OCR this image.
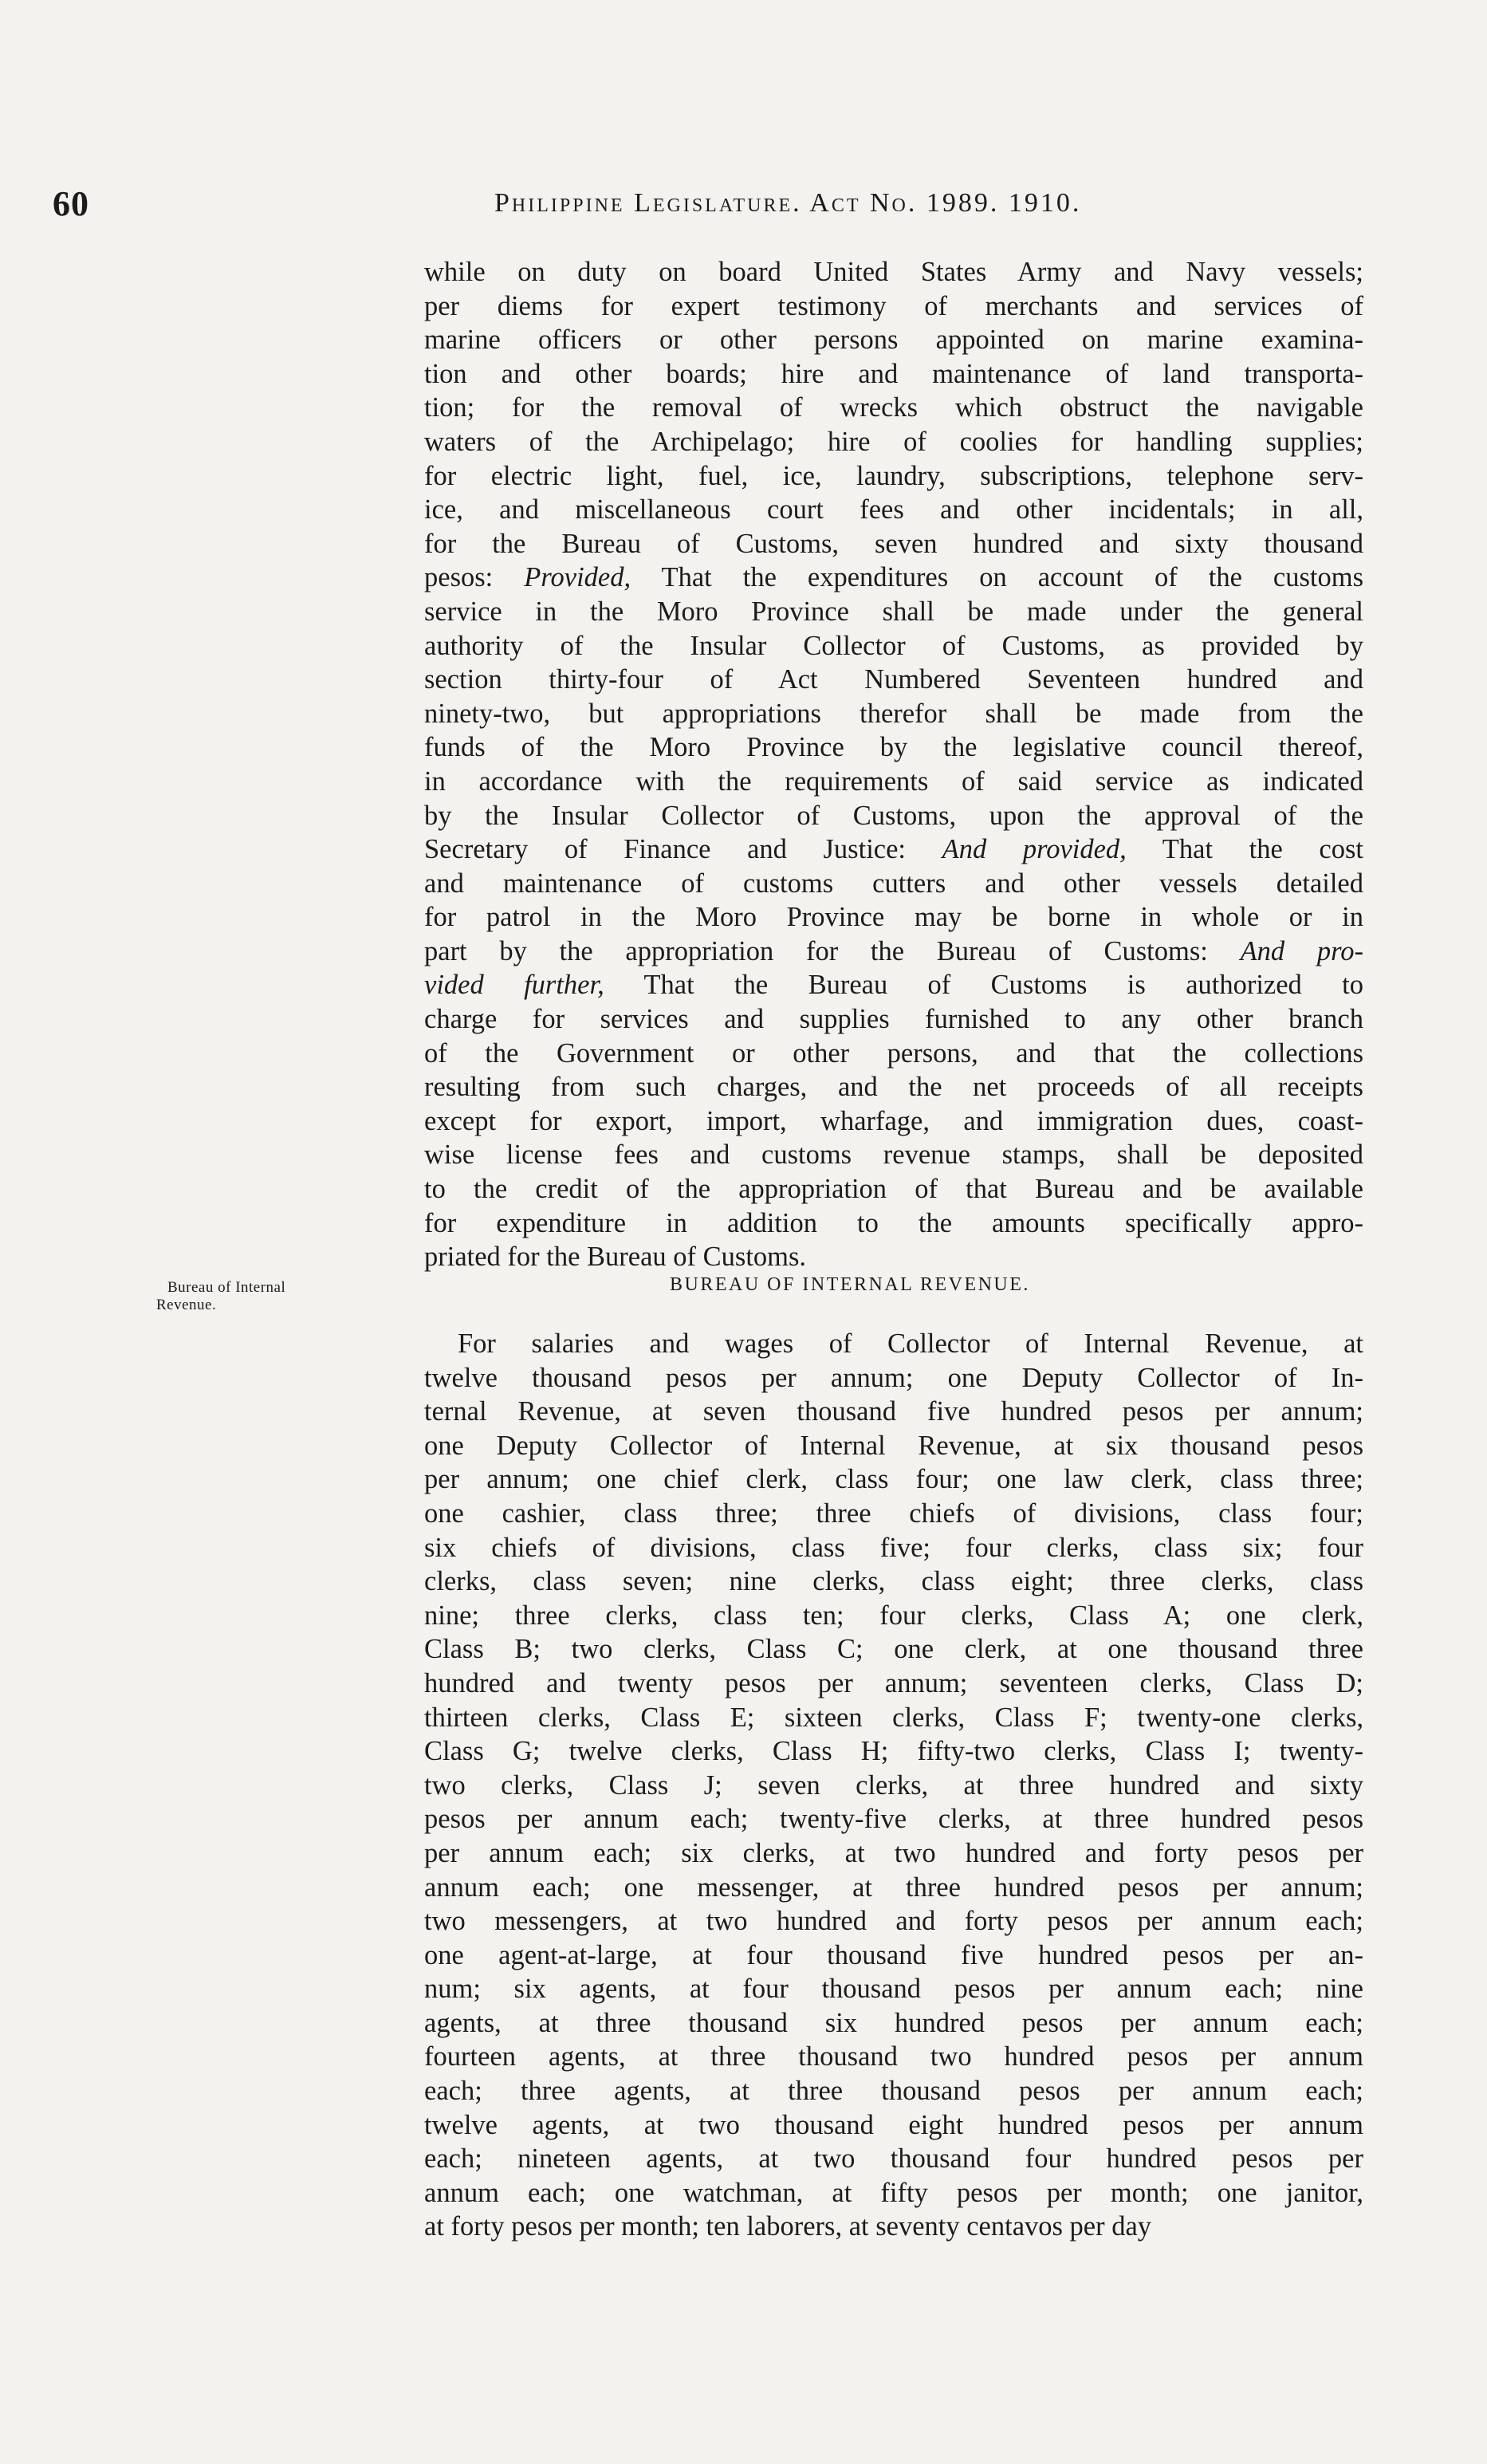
60	Philippine Legislature. Act No. 1989. 1910.
while on duty on board United States Army and Navy vessels;
per diems for expert testimony of merchants and services of
marine officers or other persons appointed on marine examina-
tion and other boards; hire and maintenance of land transporta-
tion; for the removal of wrecks which obstruct the navigable
waters of the Archipelago; hire of coolies for handling supplies;
for electric light, fuel, ice, laundry, subscriptions, telephone serv-
ice, and miscellaneous court fees and other incidentals; in all,
for the Bureau of Customs, seven hundred and sixty thousand
pesos: Provided, That the expenditures on account of the customs
service in the Moro Province shall be made under the general
authority of the Insular Collector of Customs, as provided by
section thirty-four of Act Numbered Seventeen hundred and
ninety-two, but appropriations therefor shall be made from the
funds of the Moro Province by the legislative council thereof,
in accordance with the requirements of said service as indicated
by the Insular Collector of Customs, upon the approval of the
Secretary of Finance and Justice: And provided, That the cost
and maintenance of customs cutters and other vessels detailed
for patrol in the Moro Province may be borne in whole or in
part by the appropriation for the Bureau of Customs: And pro-
vided further, That the Bureau of Customs is authorized to
charge for services and supplies furnished to any other branch
of the Government or other persons, and that the collections
resulting from such charges, and the net proceeds of all receipts
except for export, import, wharfage, and immigration dues, coast-
wise license fees and customs revenue stamps, shall be deposited
to the credit of the appropriation of that Bureau and be available
for expenditure in addition to the amounts specifically appro-
priated for the Bureau of Customs.
Bureau of Internal
Revenue.
BUREAU OF INTERNAL REVENUE.
For salaries and wages of Collector of Internal Revenue, at
twelve thousand pesos per annum; one Deputy Collector of In-
ternal Revenue, at seven thousand five hundred pesos per annum;
one Deputy Collector of Internal Revenue, at six thousand pesos
per annum; one chief clerk, class four; one law clerk, class three;
one cashier, class three; three chiefs of divisions, class four;
six chiefs of divisions, class five; four clerks, class six; four
clerks, class seven; nine clerks, class eight; three clerks, class
nine; three clerks, class ten; four clerks, Class A; one clerk,
Class B; two clerks, Class C; one clerk, at one thousand three
hundred and twenty pesos per annum; seventeen clerks, Class D;
thirteen clerks, Class E; sixteen clerks, Class F; twenty-one clerks,
Class G; twelve clerks, Class H; fifty-two clerks, Class I; twenty-
two clerks, Class J; seven clerks, at three hundred and sixty
pesos per annum each; twenty-five clerks, at three hundred pesos
per annum each; six clerks, at two hundred and forty pesos per
annum each; one messenger, at three hundred pesos per annum;
two messengers, at two hundred and forty pesos per annum each;
one agent-at-large, at four thousand five hundred pesos per an-
num; six agents, at four thousand pesos per annum each; nine
agents, at three thousand six hundred pesos per annum each;
fourteen agents, at three thousand two hundred pesos per annum
each; three agents, at three thousand pesos per annum each;
twelve agents, at two thousand eight hundred pesos per annum
each; nineteen agents, at two thousand four hundred pesos per
annum each; one watchman, at fifty pesos per month; one janitor,
at forty pesos per month; ten laborers, at seventy centavos per day
